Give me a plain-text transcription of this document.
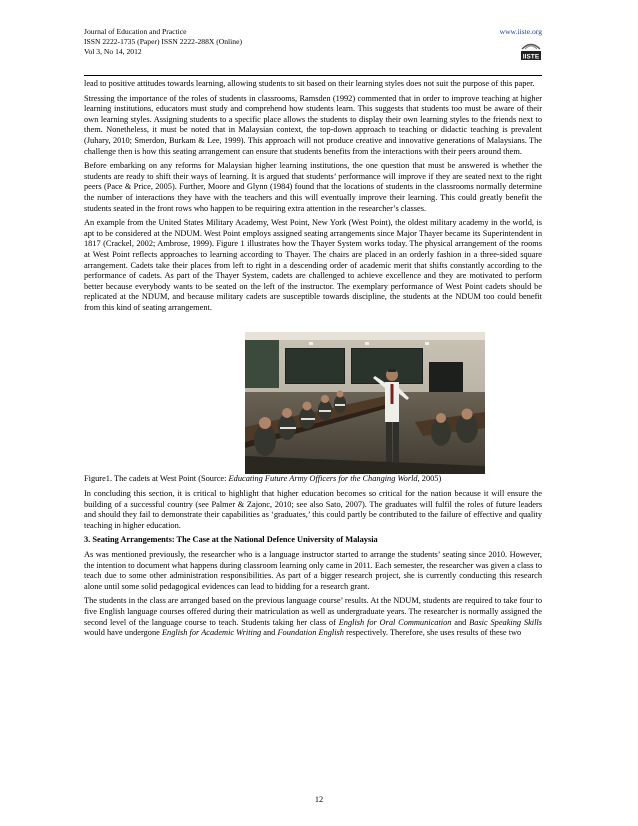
Journal of Education and Practice
ISSN 2222-1735 (Paper) ISSN 2222-288X (Online)
Vol 3, No 14, 2012
www.iiste.org
IISTE

lead to positive attitudes towards learning, allowing students to sit based on their learning styles does not suit the purpose of this paper.

Stressing the importance of the roles of students in classrooms, Ramsden (1992) commented that in order to improve teaching at higher learning institutions, educators must study and comprehend how students learn. This suggests that students too must be aware of their own learning styles. Assigning students to a specific place allows the students to display their own learning styles to the friends next to them. Nonetheless, it must be noted that in Malaysian context, the top-down approach to teaching or didactic teaching is prevalent (Juhary, 2010; Smerdon, Burkam & Lee, 1999). This approach will not produce creative and innovative generations of Malaysians. The challenge then is how this seating arrangement can ensure that students benefits from the interactions with their peers around them.

Before embarking on any reforms for Malaysian higher learning institutions, the one question that must be answered is whether the students are ready to shift their ways of learning. It is argued that students’ performance will improve if they are seated next to the right peers (Pace & Price, 2005). Further, Moore and Glynn (1984) found that the locations of students in the classrooms normally determine the number of interactions they have with the teachers and this will eventually improve their learning. This could greatly benefit the students seated in the front rows who happen to be requiring extra attention in the researcher’s classes.

An example from the United States Military Academy, West Point, New York (West Point), the oldest military academy in the world, is apt to be considered at the NDUM. West Point employs assigned seating arrangements since Major Thayer became its Superintendent in 1817 (Crackel, 2002; Ambrose, 1999). Figure 1 illustrates how the Thayer System works today. The physical arrangement of the rooms at West Point reflects approaches to learning according to Thayer. The chairs are placed in an orderly fashion in a three-sided square arrangement. Cadets take their places from left to right in a descending order of academic merit that shifts constantly according to the performance of cadets. As part of the Thayer System, cadets are challenged to achieve excellence and they are motivated to perform better because everybody wants to be seated on the left of the instructor. The exemplary performance of West Point cadets should be replicated at the NDUM, and because military cadets are susceptible towards discipline, the students at the NDUM too could benefit from this kind of seating arrangement.

Figure1. The cadets at West Point (Source: Educating Future Army Officers for the Changing World, 2005)

In concluding this section, it is critical to highlight that higher education becomes so critical for the nation because it will ensure the building of a successful country (see Palmer & Zajonc, 2010; see also Sato, 2007). The graduates will fulfil the roles of future leaders and should they fail to demonstrate their capabilities as ‘graduates,’ this could partly be contributed to the failure of effective and quality teaching in higher education.

3. Seating Arrangements: The Case at the National Defence University of Malaysia

As was mentioned previously, the researcher who is a language instructor started to arrange the students’ seating since 2010. However, the intention to document what happens during classroom learning only came in 2011. Each semester, the researcher was given a class to teach due to some other administration responsibilities. As part of a bigger research project, she is currently conducting this research alone until some solid pedagogical evidences can lead to bidding for a research grant.

The students in the class are arranged based on the previous language course’ results. At the NDUM, students are required to take four to five English language courses offered during their matriculation as well as undergraduate years. The researcher is normally assigned the second level of the language course to teach. Students taking her class of English for Oral Communication and Basic Speaking Skills would have undergone English for Academic Writing and Foundation English respectively. Therefore, she uses results of these two

12
